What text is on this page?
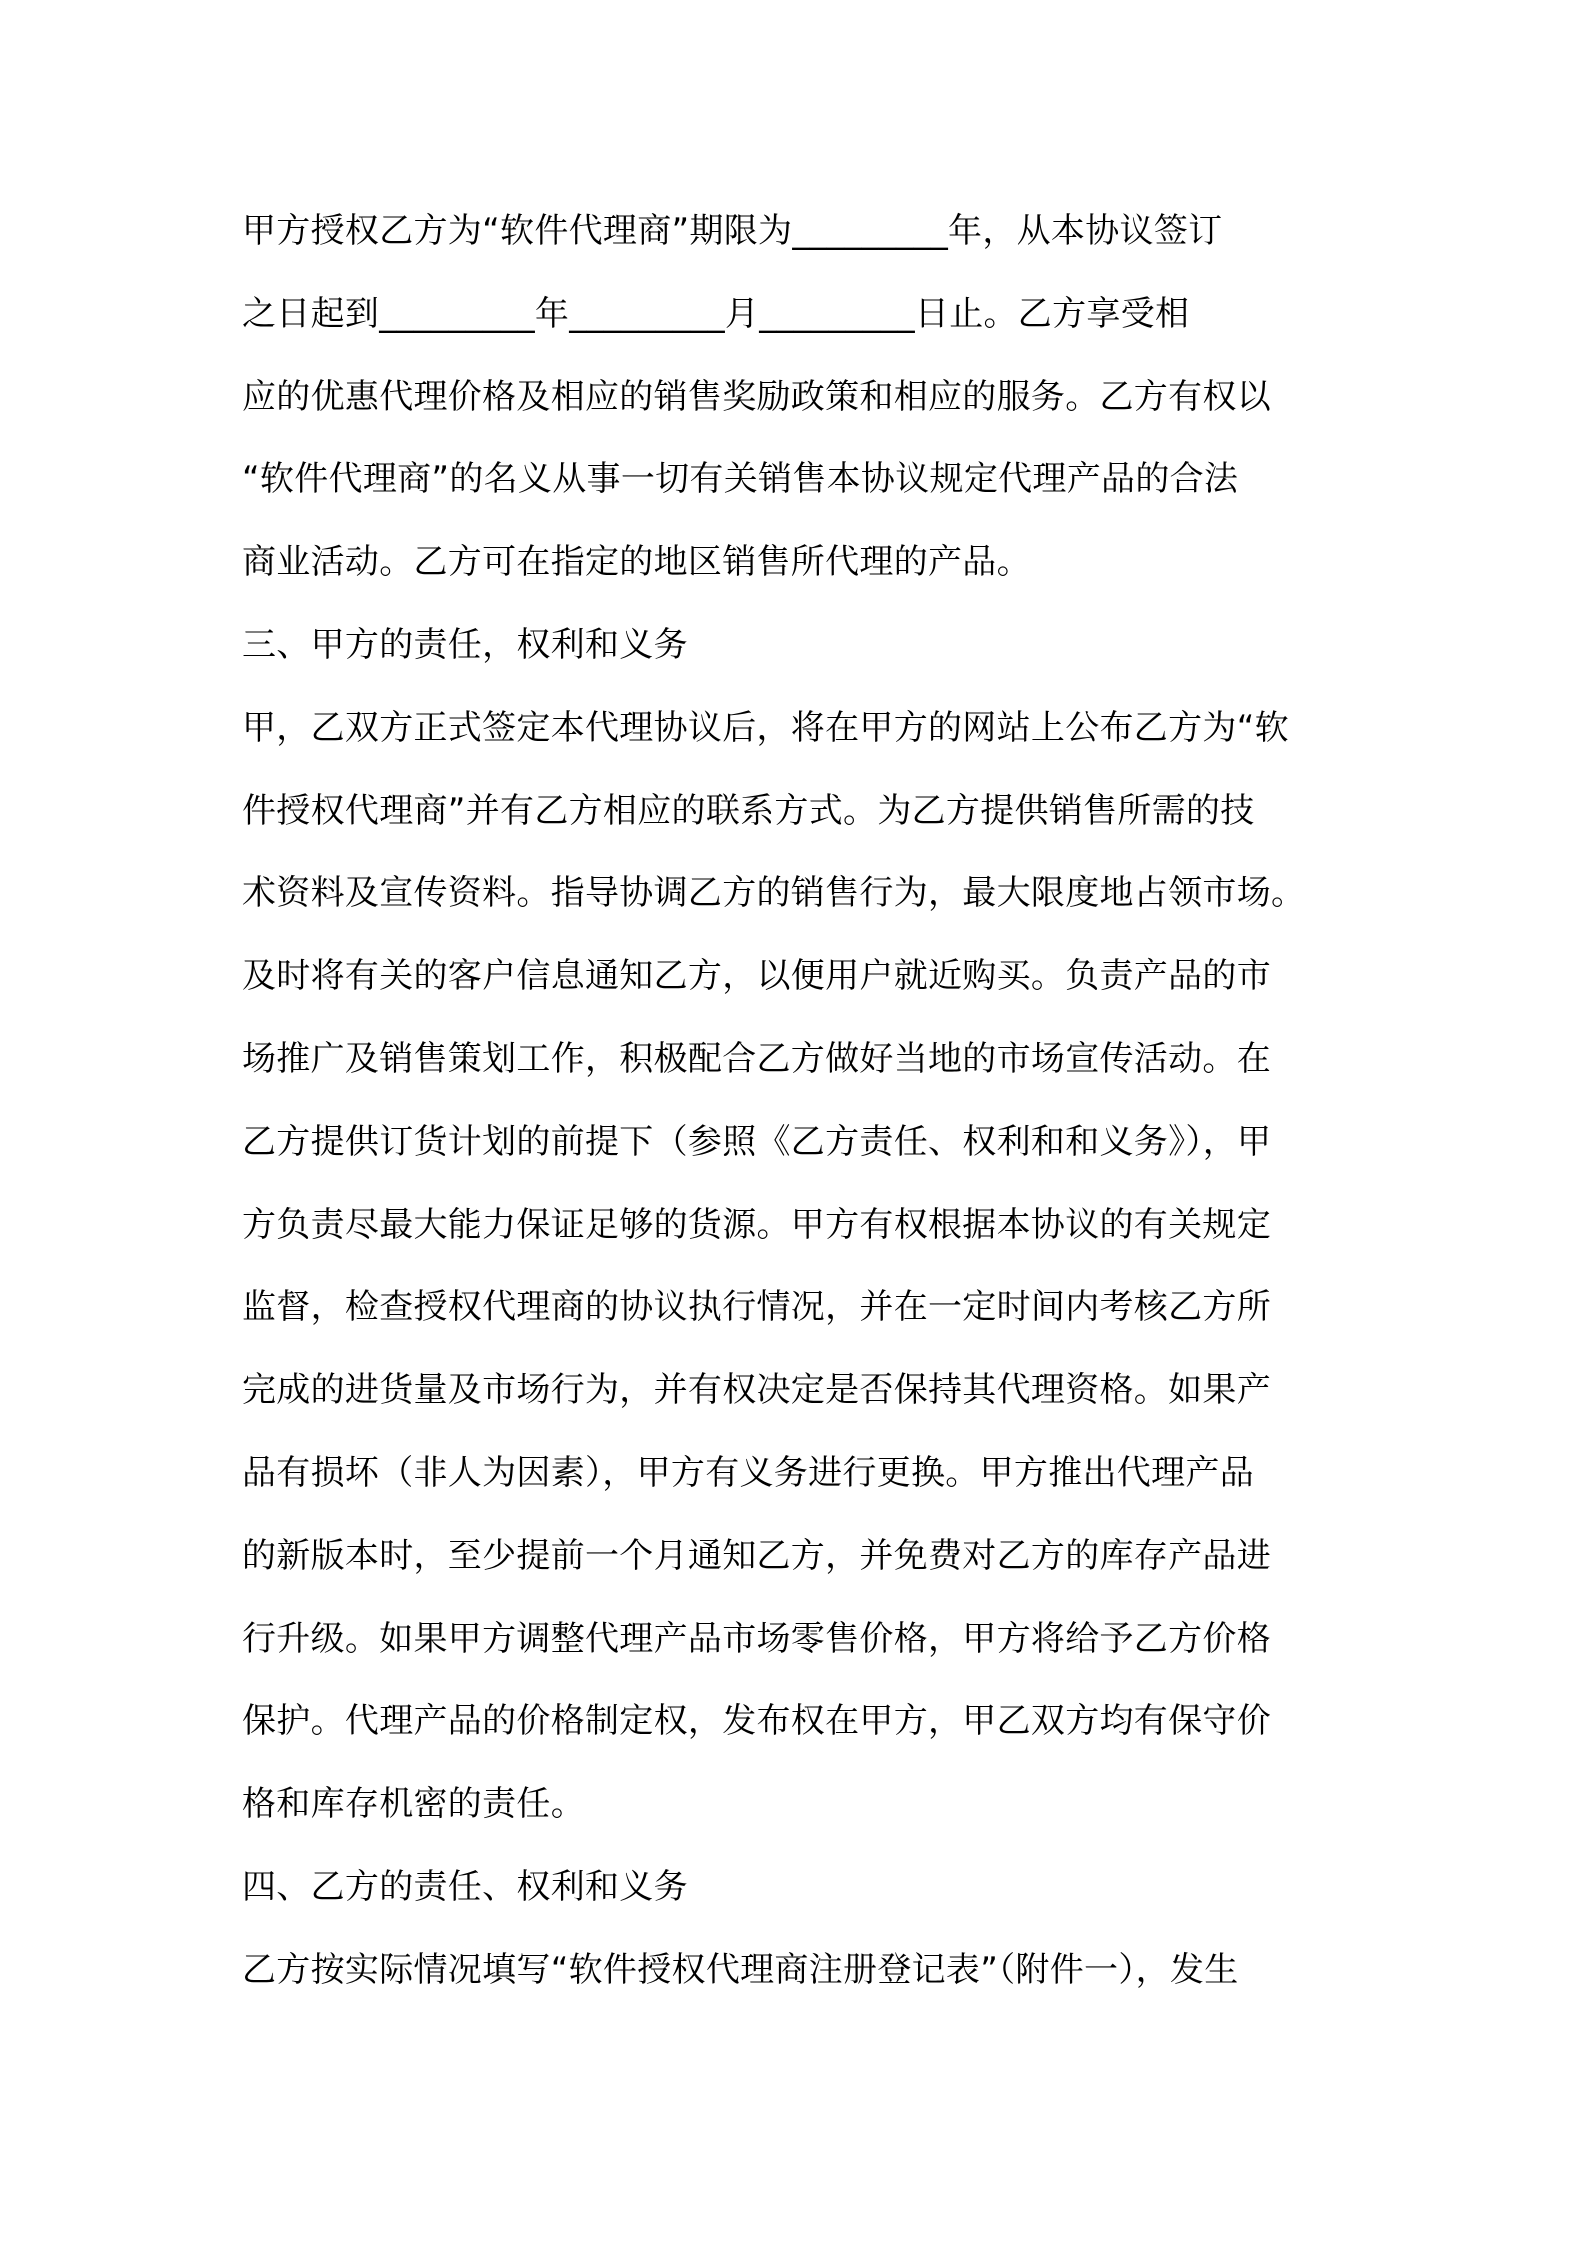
甲方授权乙方为“软件代理商”期限为_________年，从本协议签订
之日起到_________年_________月_________日止。乙方享受相
应的优惠代理价格及相应的销售奖励政策和相应的服务。乙方有权以
“软件代理商”的名义从事一切有关销售本协议规定代理产品的合法
商业活动。乙方可在指定的地区销售所代理的产品。
三、甲方的责任，权利和义务
甲，乙双方正式签定本代理协议后，将在甲方的网站上公布乙方为“软
件授权代理商”并有乙方相应的联系方式。为乙方提供销售所需的技
术资料及宣传资料。指导协调乙方的销售行为，最大限度地占领市场。
及时将有关的客户信息通知乙方，以便用户就近购买。负责产品的市
场推广及销售策划工作，积极配合乙方做好当地的市场宣传活动。在
乙方提供订货计划的前提下（参照《乙方责任、权利和和义务》），甲
方负责尽最大能力保证足够的货源。甲方有权根据本协议的有关规定
监督，检查授权代理商的协议执行情况，并在一定时间内考核乙方所
完成的进货量及市场行为，并有权决定是否保持其代理资格。如果产
品有损坏（非人为因素），甲方有义务进行更换。甲方推出代理产品
的新版本时，至少提前一个月通知乙方，并免费对乙方的库存产品进
行升级。如果甲方调整代理产品市场零售价格，甲方将给予乙方价格
保护。代理产品的价格制定权，发布权在甲方，甲乙双方均有保守价
格和库存机密的责任。
四、乙方的责任、权利和义务
乙方按实际情况填写“软件授权代理商注册登记表”（附件一），发生
